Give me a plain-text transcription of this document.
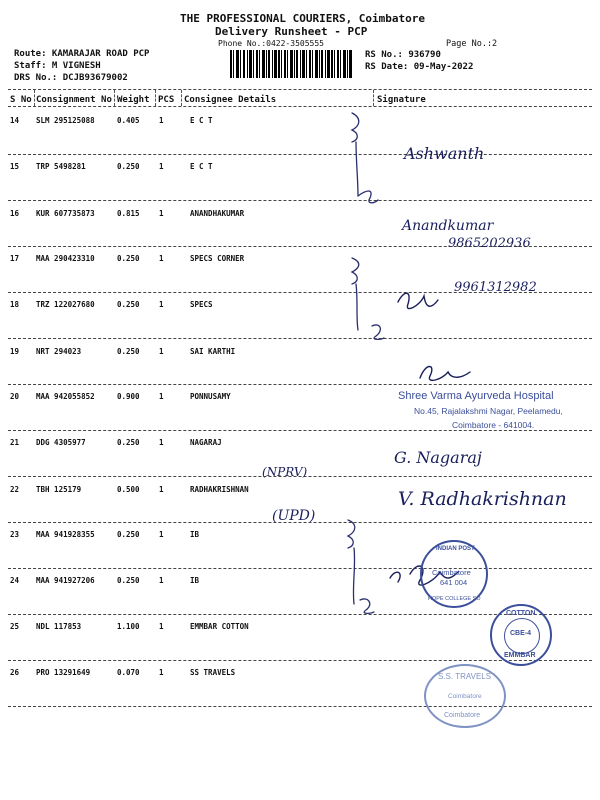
THE PROFESSIONAL COURIERS, Coimbatore
Delivery Runsheet - PCP
Phone No.:0422-3505555	Page No.:2
Route: KAMARAJAR ROAD PCP
Staff: M VIGNESH
DRS No.: DCJB93679002
RS No.: 936790
RS Date: 09-May-2022
S No Consignment No Weight PCS Consignee Details	Signature
14 SLM 295125088	0.405	1	E C T
15 TRP 5498281	0.250	1	E C T
16 KUR 607735873	0.815	1	ANANDHAKUMAR
17 MAA 290423310	0.250	1	SPECS CORNER
18 TRZ 122027680	0.250	1	SPECS
19 NRT 294023	0.250	1	SAI KARTHI
20 MAA 942055852	0.900	1	PONNUSAMY
21 DDG 4305977	0.250	1	NAGARAJ
22 TBH 125179	0.500	1	RADHAKRISHNAN
23 MAA 941928355	0.250	1	IB
24 MAA 941927206	0.250	1	IB
25 NDL 117853	1.100	1	EMMBAR COTTON
26 PRO 13291649	0.070	1	SS TRAVELS
Ashwanth
Anandkumar
9865202936
9961312982
(NPRV)
(UPD)
G. Nagaraj
V. Radhakrishnan
Shree Varma Ayurveda Hospital
No.45, Rajalakshmi Nagar, Peelamedu,
Coimbatore - 641004.
INDIAN POST
Coimbatore
641 004
HOPE COLLEGE SO
COTTON
CBE-4
EMMBAR
S.S. TRAVELS
Coimbatore
Coimbatore
